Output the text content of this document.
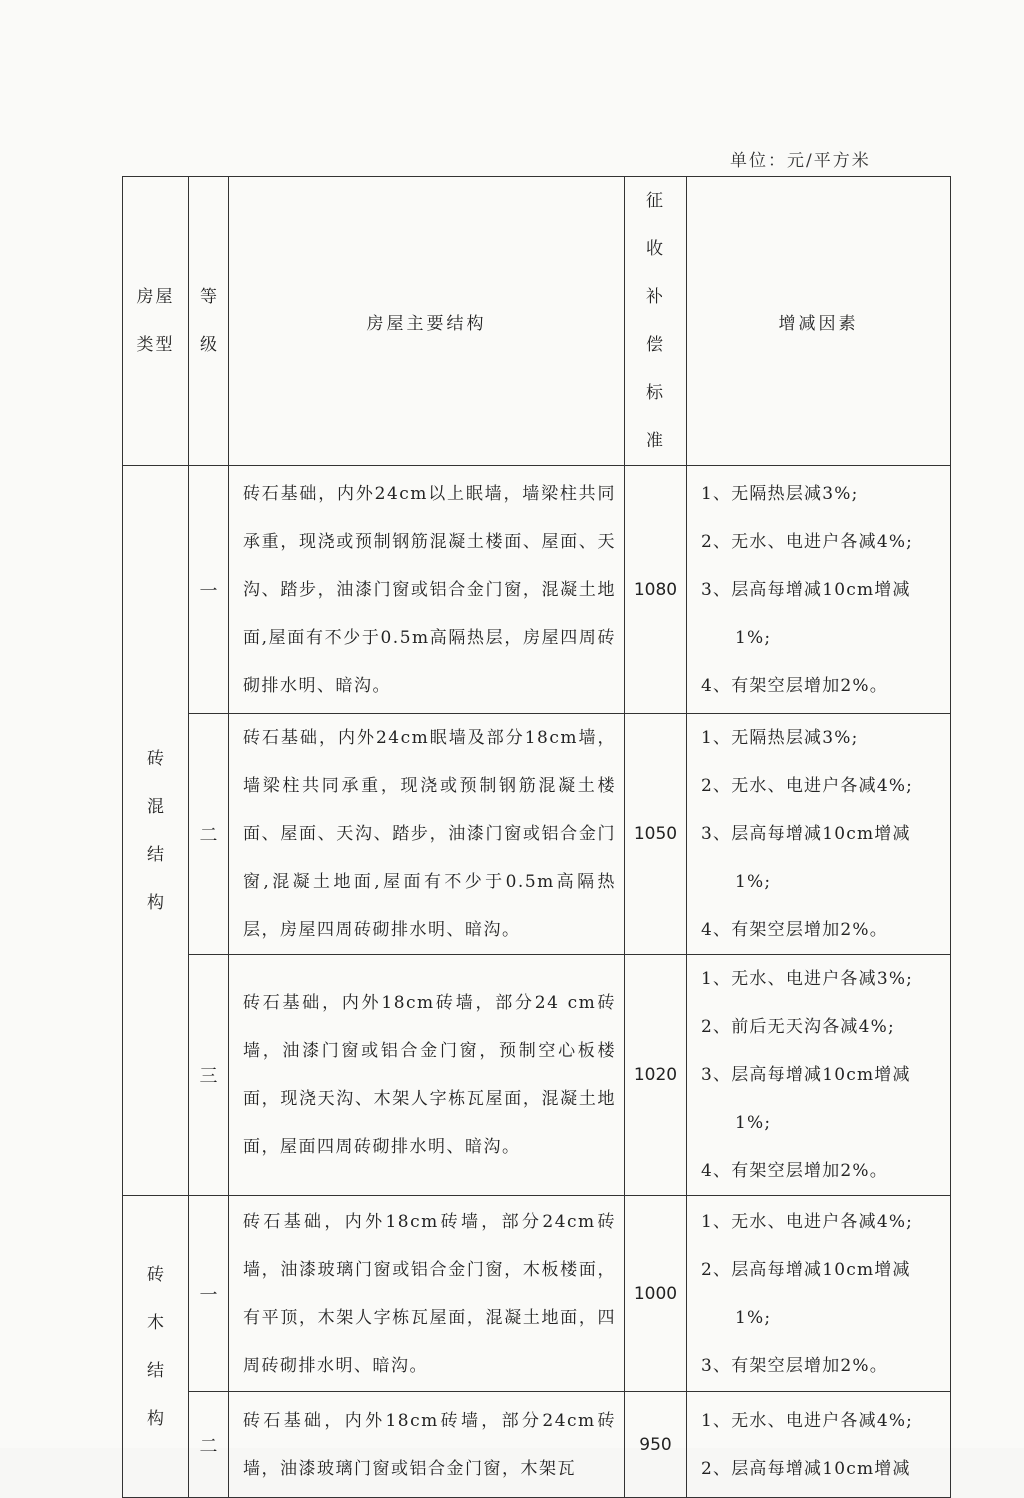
单位：元/平方米
房屋类型	等级	房屋主要结构	征收补偿标准	增减因素

砖混结构	一	砖石基础，内外24cm以上眠墙，墙梁柱共同承重，现浇或预制钢筋混凝土楼面、屋面、天沟、踏步，油漆门窗或铝合金门窗，混凝土地面,屋面有不少于0.5m高隔热层，房屋四周砖砌排水明、暗沟。	1080	1、无隔热层减3%;
2、无水、电进户各减4%;
3、层高每增减10cm增减
1%;
4、有架空层增加2%。

	二	砖石基础，内外24cm眠墙及部分18cm墙，墙梁柱共同承重，现浇或预制钢筋混凝土楼面、屋面、天沟、踏步，油漆门窗或铝合金门窗,混凝土地面,屋面有不少于0.5m高隔热层，房屋四周砖砌排水明、暗沟。	1050	1、无隔热层减3%;
2、无水、电进户各减4%;
3、层高每增减10cm增减
1%;
4、有架空层增加2%。

	三	砖石基础，内外18cm砖墙，部分24 cm砖墙，油漆门窗或铝合金门窗，预制空心板楼面，现浇天沟、木架人字栋瓦屋面，混凝土地面，屋面四周砖砌排水明、暗沟。	1020	1、无水、电进户各减3%;
2、前后无天沟各减4%;
3、层高每增减10cm增减
1%;
4、有架空层增加2%。

砖木结构	一	砖石基础，内外18cm砖墙，部分24cm砖墙，油漆玻璃门窗或铝合金门窗，木板楼面，有平顶，木架人字栋瓦屋面，混凝土地面，四周砖砌排水明、暗沟。	1000	1、无水、电进户各减4%;
2、层高每增减10cm增减
1%;
3、有架空层增加2%。

	二	砖石基础，内外18cm砖墙，部分24cm砖墙，油漆玻璃门窗或铝合金门窗，木架瓦	950	1、无水、电进户各减4%;
2、层高每增减10cm增减
